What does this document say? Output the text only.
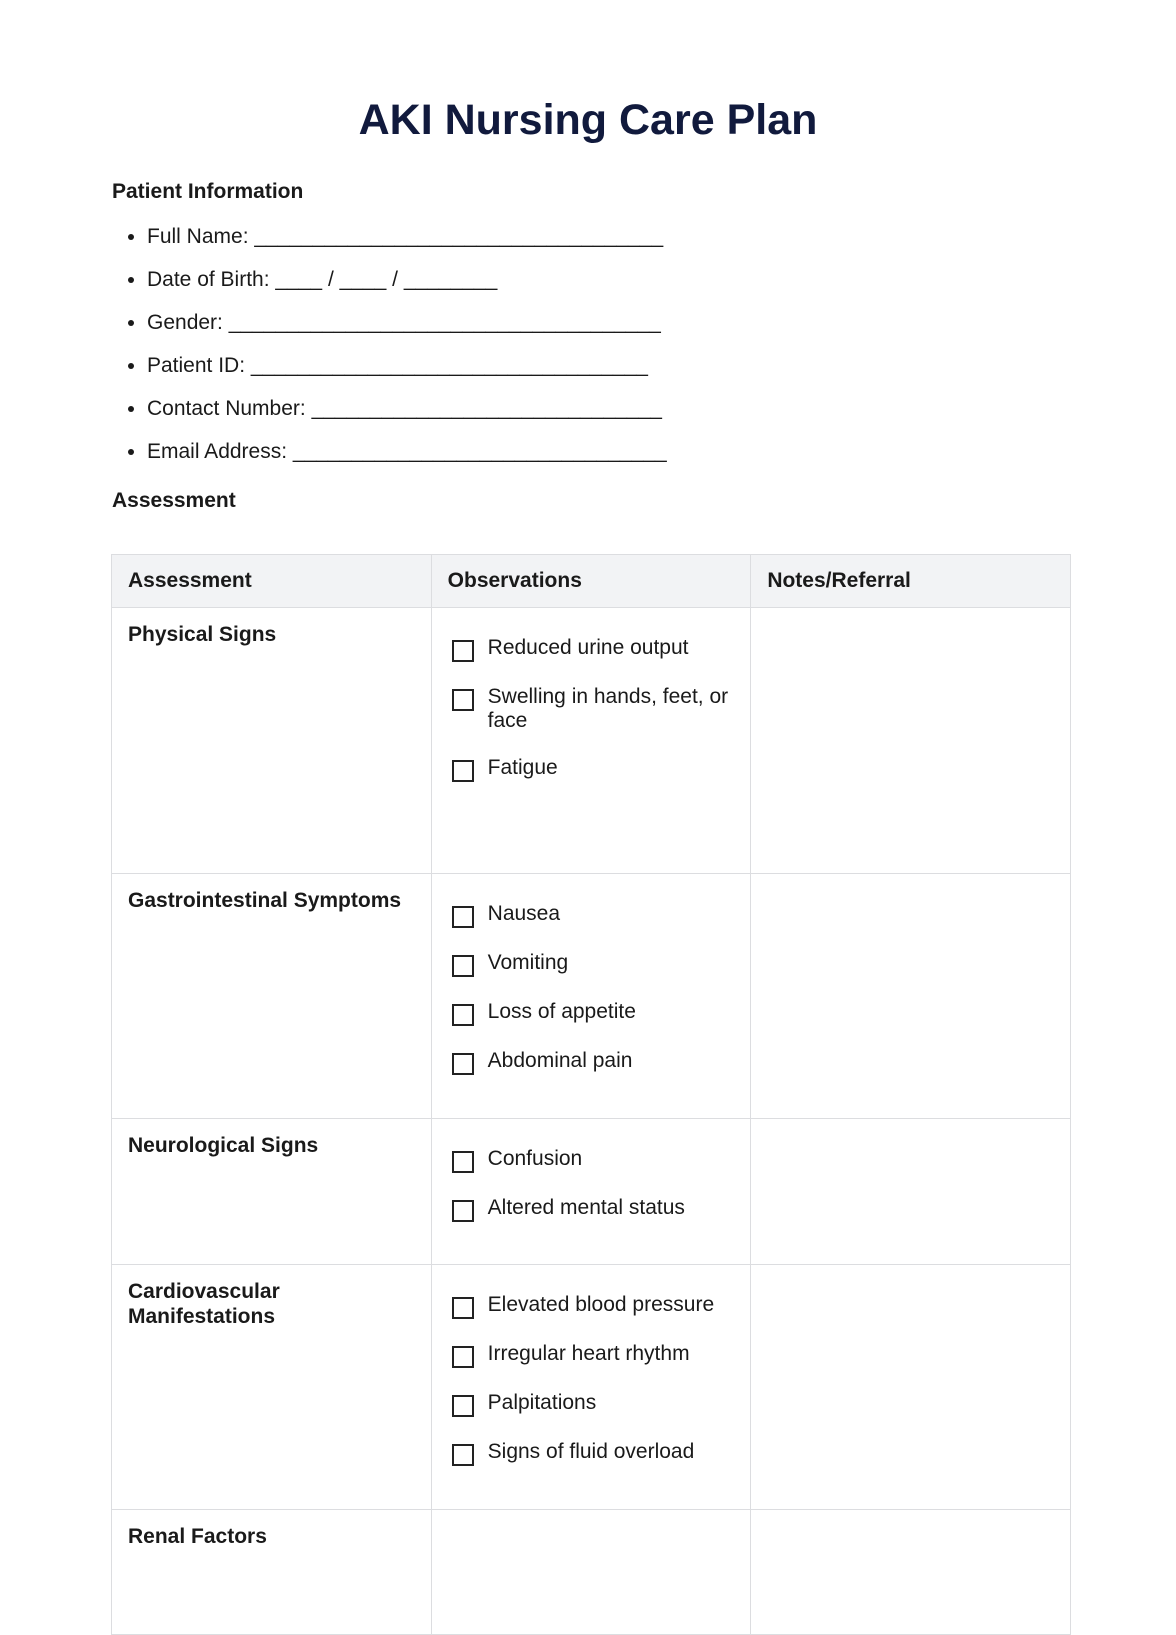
AKI Nursing Care Plan
Patient Information
• Full Name: ___________________________________
• Date of Birth: ____ / ____ / ________
• Gender: _____________________________________
• Patient ID: __________________________________
• Contact Number: ______________________________
• Email Address: ________________________________
Assessment
Assessment	Observations	Notes/Referral
Physical Signs	Reduced urine output
Swelling in hands, feet, or face
Fatigue	

Gastrointestinal Symptoms	Nausea
Vomiting
Loss of appetite
Abdominal pain	

Neurological Signs	Confusion
Altered mental status	

Cardiovascular Manifestations	Elevated blood pressure
Irregular heart rhythm
Palpitations
Signs of fluid overload	

Renal Factors		
